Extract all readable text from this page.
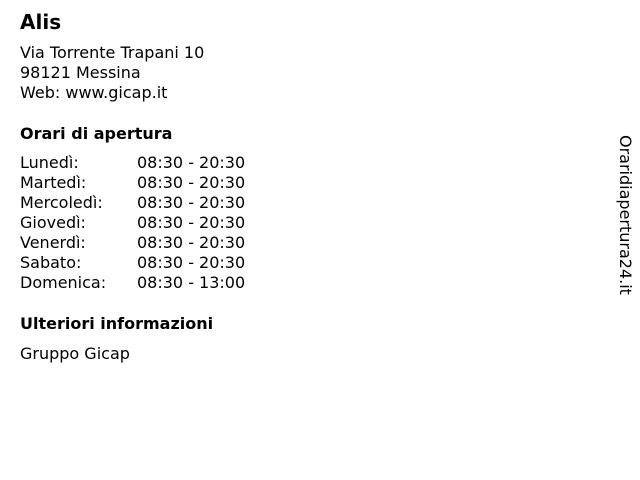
Alis
Via Torrente Trapani 10
98121 Messina
Web: www.gicap.it
Orari di apertura
Lunedì:	08:30 - 20:30
Martedì:	08:30 - 20:30
Mercoledì:	08:30 - 20:30
Giovedì:	08:30 - 20:30
Venerdì:	08:30 - 20:30
Sabato:	08:30 - 20:30
Domenica:	08:30 - 13:00
Ulteriori informazioni
Gruppo Gicap
Oraridiapertura24.it
